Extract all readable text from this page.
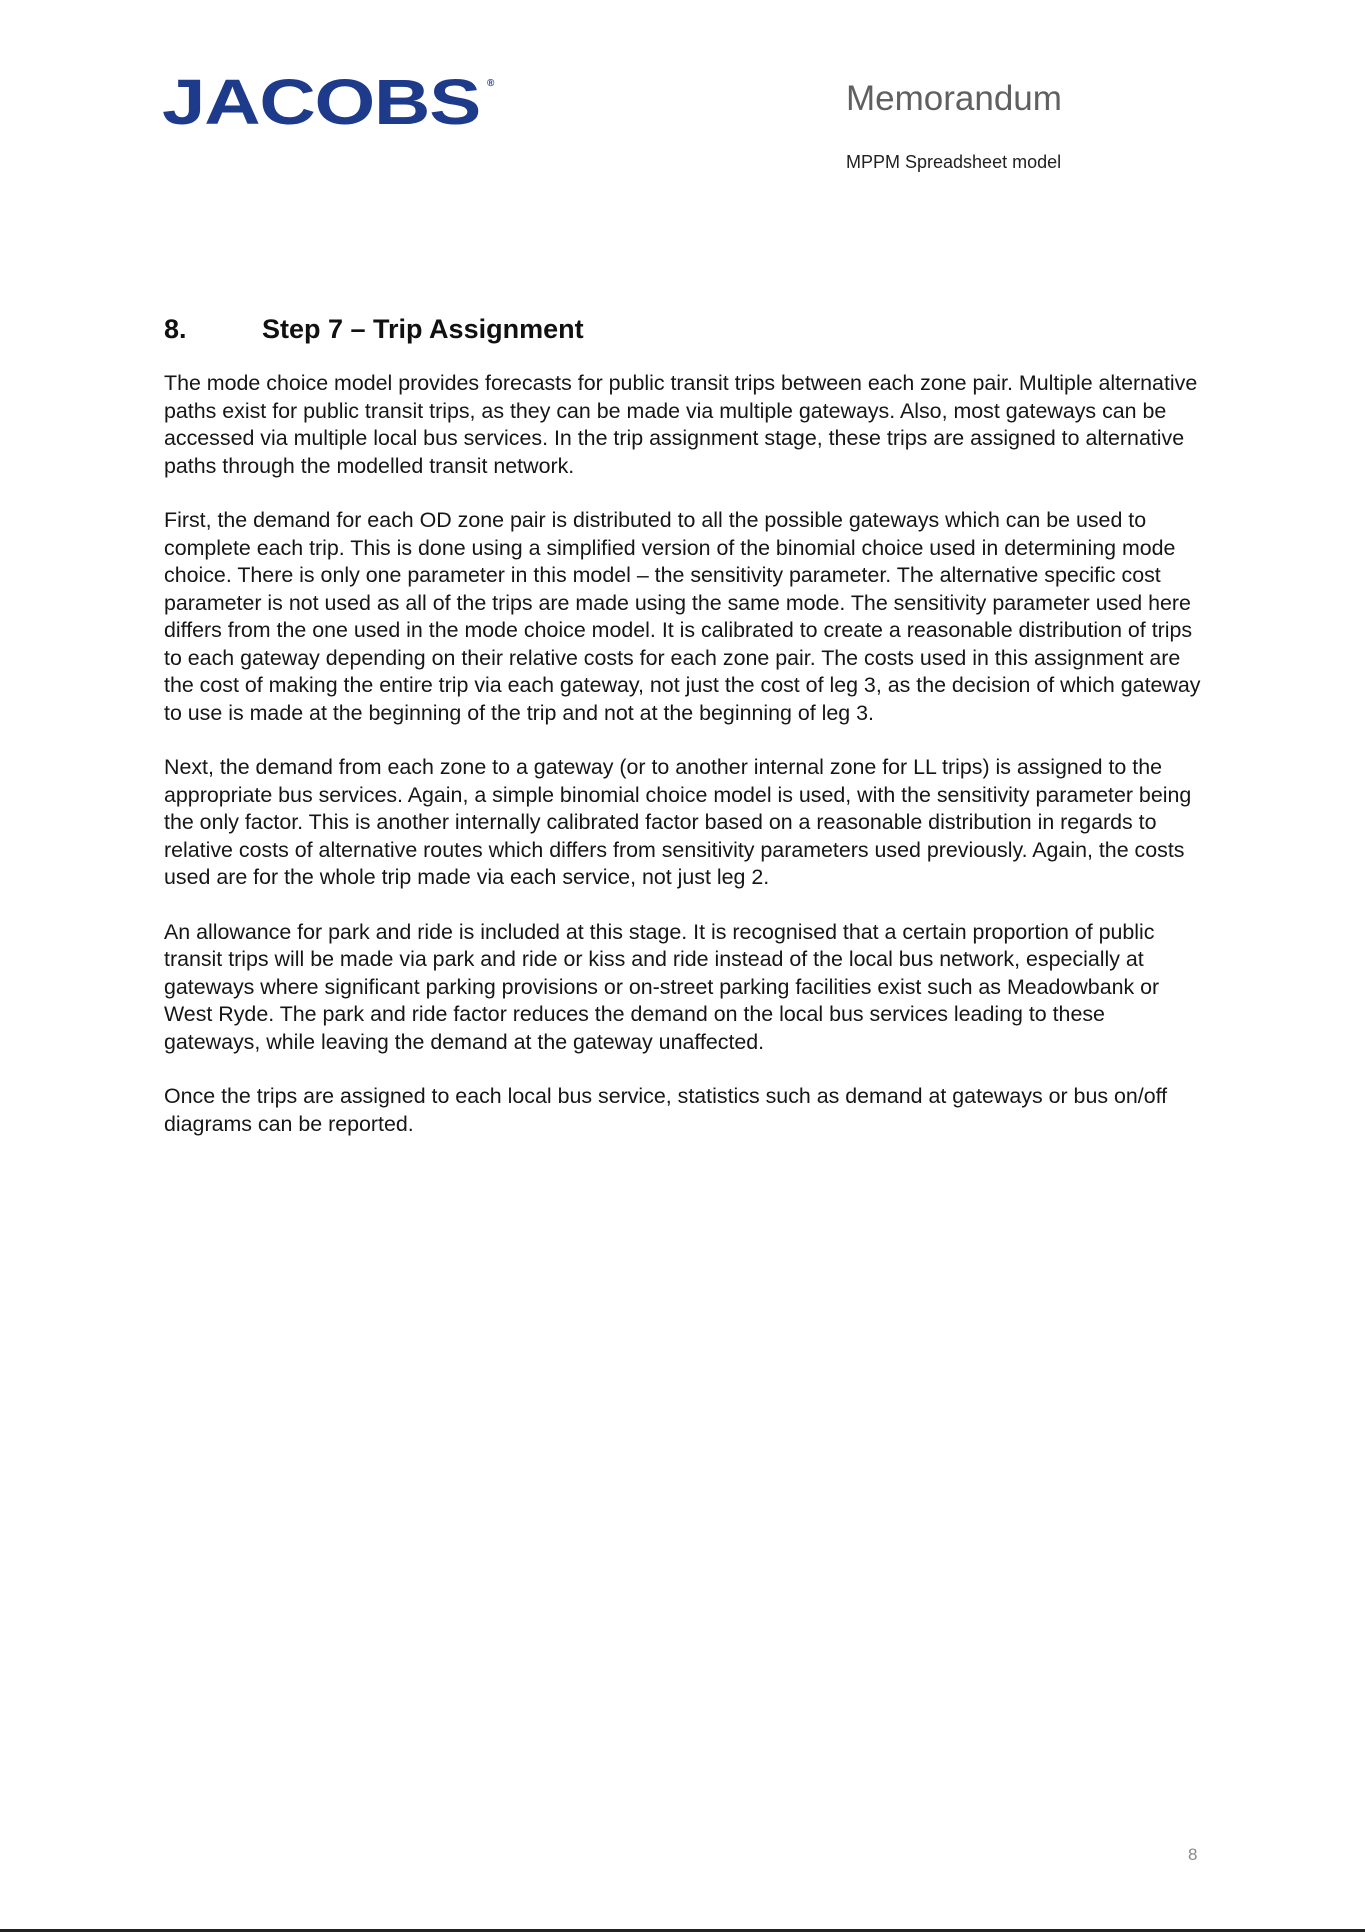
JACOBS ®	Memorandum
MPPM Spreadsheet model
8.	Step 7 – Trip Assignment

The mode choice model provides forecasts for public transit trips between each zone pair. Multiple alternative paths exist for public transit trips, as they can be made via multiple gateways. Also, most gateways can be accessed via multiple local bus services. In the trip assignment stage, these trips are assigned to alternative paths through the modelled transit network.

First, the demand for each OD zone pair is distributed to all the possible gateways which can be used to complete each trip. This is done using a simplified version of the binomial choice used in determining mode choice. There is only one parameter in this model – the sensitivity parameter. The alternative specific cost parameter is not used as all of the trips are made using the same mode. The sensitivity parameter used here differs from the one used in the mode choice model. It is calibrated to create a reasonable distribution of trips to each gateway depending on their relative costs for each zone pair. The costs used in this assignment are the cost of making the entire trip via each gateway, not just the cost of leg 3, as the decision of which gateway to use is made at the beginning of the trip and not at the beginning of leg 3.

Next, the demand from each zone to a gateway (or to another internal zone for LL trips) is assigned to the appropriate bus services. Again, a simple binomial choice model is used, with the sensitivity parameter being the only factor. This is another internally calibrated factor based on a reasonable distribution in regards to relative costs of alternative routes which differs from sensitivity parameters used previously. Again, the costs used are for the whole trip made via each service, not just leg 2.

An allowance for park and ride is included at this stage. It is recognised that a certain proportion of public transit trips will be made via park and ride or kiss and ride instead of the local bus network, especially at gateways where significant parking provisions or on-street parking facilities exist such as Meadowbank or West Ryde. The park and ride factor reduces the demand on the local bus services leading to these gateways, while leaving the demand at the gateway unaffected.

Once the trips are assigned to each local bus service, statistics such as demand at gateways or bus on/off diagrams can be reported.

8
